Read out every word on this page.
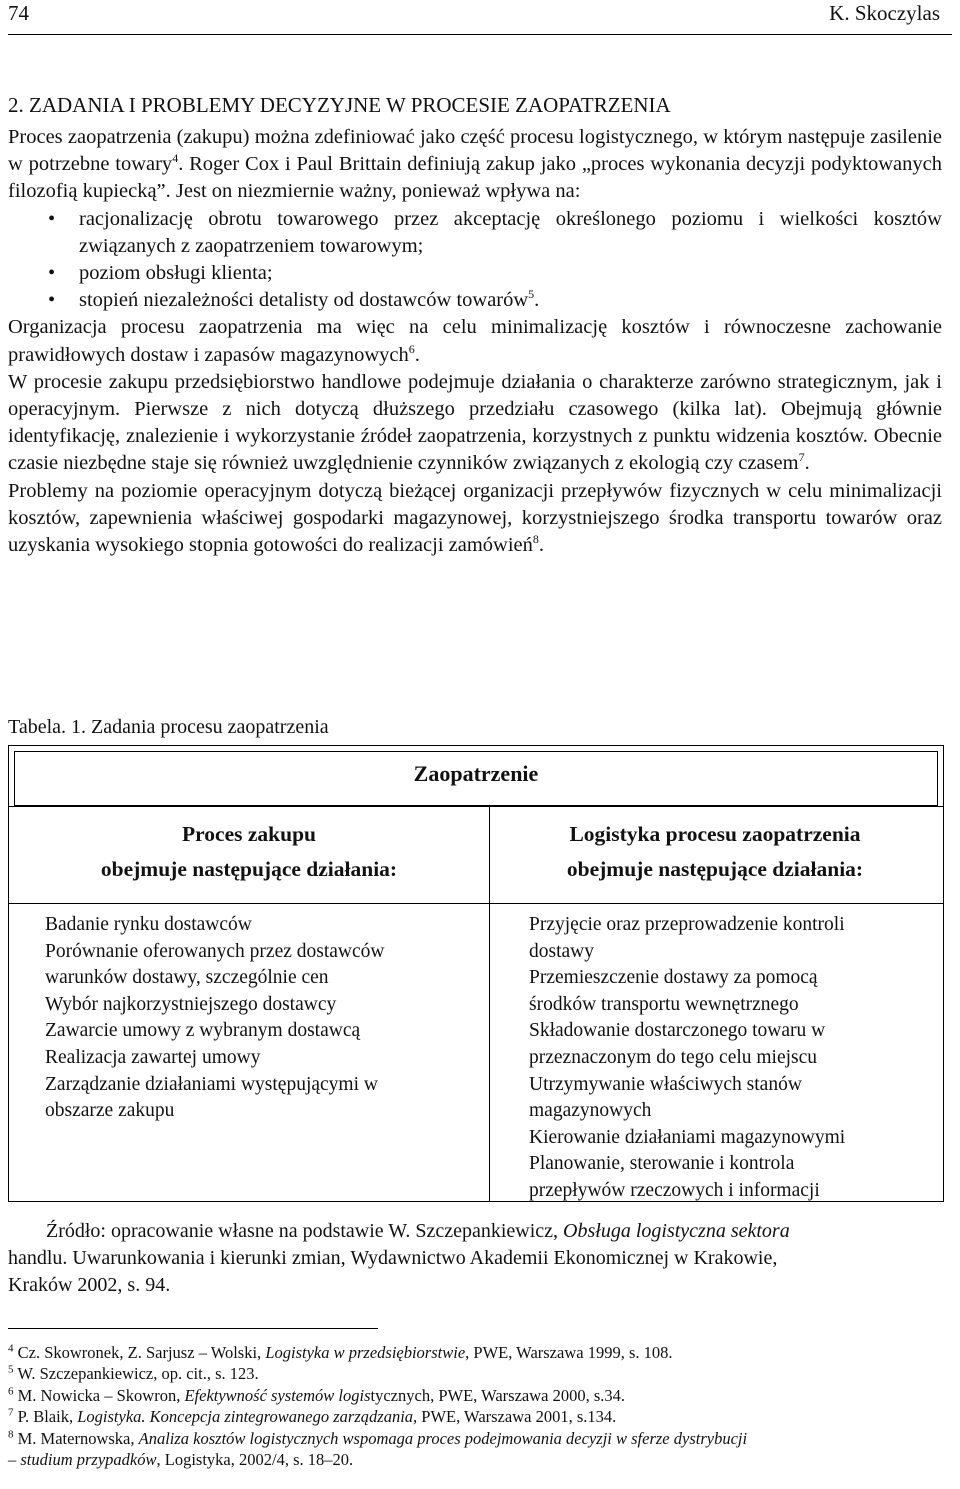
74	K. Skoczylas
2. ZADANIA I PROBLEMY DECYZYJNE W PROCESIE ZAOPATRZENIA

Proces zaopatrzenia (zakupu) można zdefiniować jako część procesu logistycznego, w którym następuje zasilenie w potrzebne towary$^4$. Roger Cox i Paul Brittain definiują zakup jako „proces wykonania decyzji podyktowanych filozofią kupiecką”. Jest on niezmiernie ważny, ponieważ wpływa na:

• racjonalizację obrotu towarowego przez akceptację określonego poziomu i wielkości kosztów związanych z zaopatrzeniem towarowym;
• poziom obsługi klienta;
• stopień niezależności detalisty od dostawców towarów$^5$.

Organizacja procesu zaopatrzenia ma więc na celu minimalizację kosztów i równoczesne zachowanie prawidłowych dostaw i zapasów magazynowych$^6$.

W procesie zakupu przedsiębiorstwo handlowe podejmuje działania o charakterze zarówno strategicznym, jak i operacyjnym. Pierwsze z nich dotyczą dłuższego przedziału czasowego (kilka lat). Obejmują głównie identyfikację, znalezienie i wykorzystanie źródeł zaopatrzenia, korzystnych z punktu widzenia kosztów. Obecnie czasie niezbędne staje się również uwzględnienie czynników związanych z ekologią czy czasem$^7$.

Problemy na poziomie operacyjnym dotyczą bieżącej organizacji przepływów fizycznych w celu minimalizacji kosztów, zapewnienia właściwej gospodarki magazynowej, korzystniejszego środka transportu towarów oraz uzyskania wysokiego stopnia gotowości do realizacji zamówień$^8$.

Tabela. 1. Zadania procesu zaopatrzenia
Zaopatrzenie
Proces zakupu
obejmuje następujące działania:
Logistyka procesu zaopatrzenia
obejmuje następujące działania:
Badanie rynku dostawców
Porównanie oferowanych przez dostawców
warunków dostawy, szczególnie cen
Wybór najkorzystniejszego dostawcy
Zawarcie umowy z wybranym dostawcą
Realizacja zawartej umowy
Zarządzanie działaniami występującymi w
obszarze zakupu
Przyjęcie oraz przeprowadzenie kontroli
dostawy
Przemieszczenie dostawy za pomocą
środków transportu wewnętrznego
Składowanie dostarczonego towaru w
przeznaczonym do tego celu miejscu
Utrzymywanie właściwych stanów
magazynowych
Kierowanie działaniami magazynowymi
Planowanie, sterowanie i kontrola
przepływów rzeczowych i informacji
Źródło: opracowanie własne na podstawie W. Szczepankiewicz, Obsługa logistyczna sektora
handlu. Uwarunkowania i kierunki zmian, Wydawnictwo Akademii Ekonomicznej w Krakowie,
Kraków 2002, s. 94.
$^4$ Cz. Skowronek, Z. Sarjusz – Wolski, Logistyka w przedsiębiorstwie, PWE, Warszawa 1999, s. 108.
$^5$ W. Szczepankiewicz, op. cit., s. 123.
$^6$ M. Nowicka – Skowron, Efektywność systemów logistycznych, PWE, Warszawa 2000, s.34.
$^7$ P. Blaik, Logistyka. Koncepcja zintegrowanego zarządzania, PWE, Warszawa 2001, s.134.
$^8$ M. Maternowska, Analiza kosztów logistycznych wspomaga proces podejmowania decyzji w sferze dystrybucji
– studium przypadków, Logistyka, 2002/4, s. 18–20.
